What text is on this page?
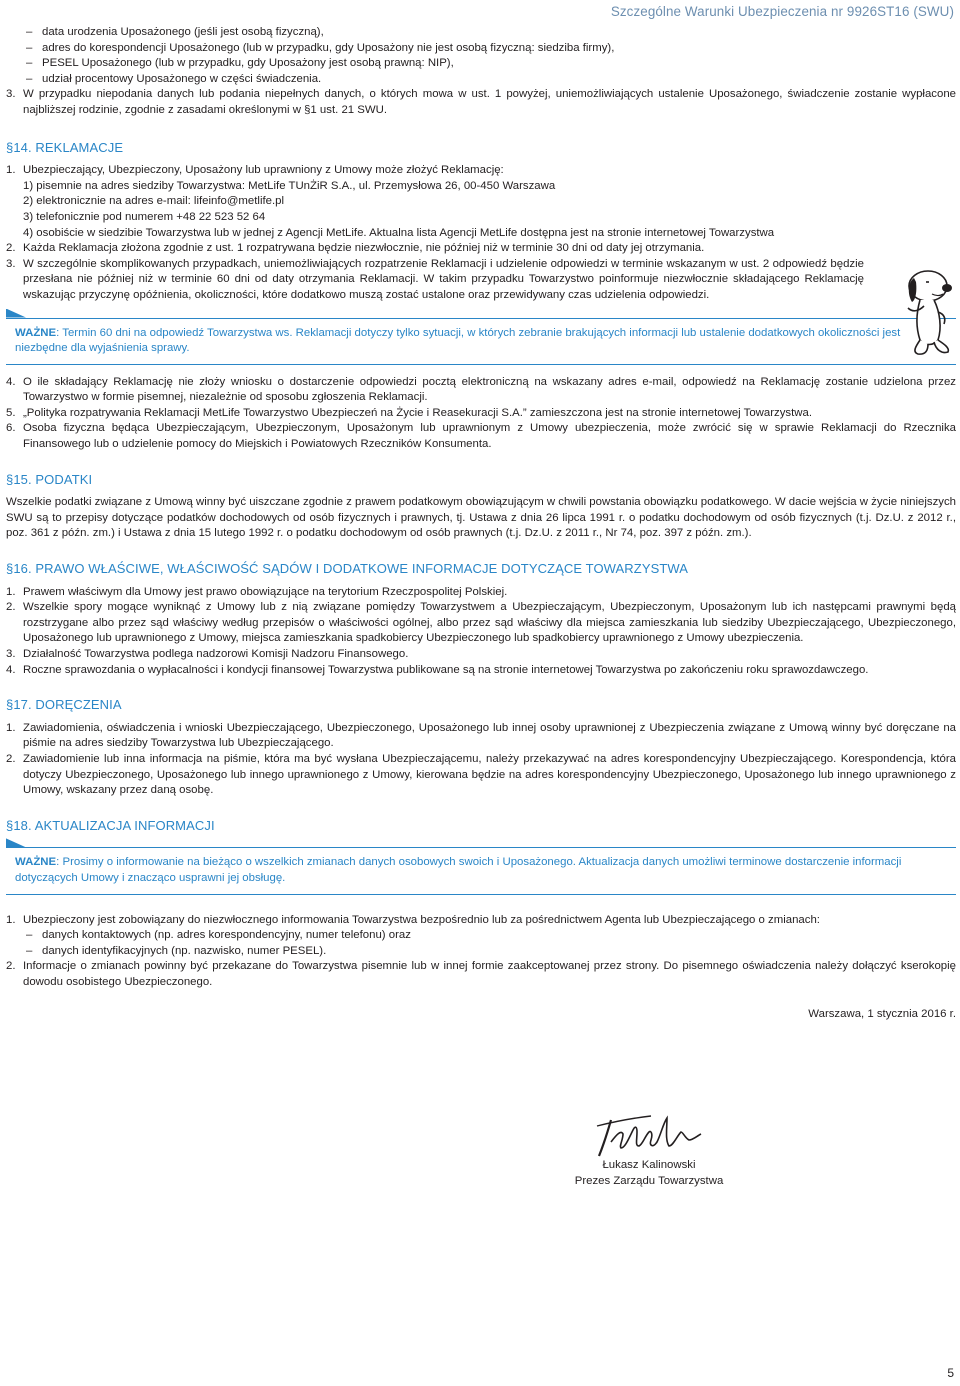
Szczególne Warunki Ubezpieczenia nr 9926ST16 (SWU)
– data urodzenia Uposażonego (jeśli jest osobą fizyczną),
– adres do korespondencji Uposażonego (lub w przypadku, gdy Uposażony nie jest osobą fizyczną: siedziba firmy),
– PESEL Uposażonego (lub w przypadku, gdy Uposażony jest osobą prawną: NIP),
– udział procentowy Uposażonego w części świadczenia.
3. W przypadku niepodania danych lub podania niepełnych danych, o których mowa w ust. 1 powyżej, uniemożliwiających ustalenie Uposażonego, świadczenie zostanie wypłacone najbliższej rodzinie, zgodnie z zasadami określonymi w §1 ust. 21 SWU.
§14. REKLAMACJE
1. Ubezpieczający, Ubezpieczony, Uposażony lub uprawniony z Umowy może złożyć Reklamację:
1) pisemnie na adres siedziby Towarzystwa: MetLife TUnŻiR S.A., ul. Przemysłowa 26, 00-450 Warszawa
2) elektronicznie na adres e-mail: lifeinfo@metlife.pl
3) telefonicznie pod numerem +48 22 523 52 64
4) osobiście w siedzibie Towarzystwa lub w jednej z Agencji MetLife. Aktualna lista Agencji MetLife dostępna jest na stronie internetowej Towarzystwa
2. Każda Reklamacja złożona zgodnie z ust. 1 rozpatrywana będzie niezwłocznie, nie później niż w terminie 30 dni od daty jej otrzymania.
3. W szczególnie skomplikowanych przypadkach, uniemożliwiających rozpatrzenie Reklamacji i udzielenie odpowiedzi w terminie wskazanym w ust. 2 odpowiedź będzie przesłana nie później niż w terminie 60 dni od daty otrzymania Reklamacji. W takim przypadku Towarzystwo poinformuje niezwłocznie składającego Reklamację wskazując przyczynę opóźnienia, okoliczności, które dodatkowo muszą zostać ustalone oraz przewidywany czas udzielenia odpowiedzi.
WAŻNE: Termin 60 dni na odpowiedź Towarzystwa ws. Reklamacji dotyczy tylko sytuacji, w których zebranie brakujących informacji lub ustalenie dodatkowych okoliczności jest niezbędne dla wyjaśnienia sprawy.
4. O ile składający Reklamację nie złoży wniosku o dostarczenie odpowiedzi pocztą elektroniczną na wskazany adres e-mail, odpowiedź na Reklamację zostanie udzielona przez Towarzystwo w formie pisemnej, niezależnie od sposobu zgłoszenia Reklamacji.
5. „Polityka rozpatrywania Reklamacji MetLife Towarzystwo Ubezpieczeń na Życie i Reasekuracji S.A.” zamieszczona jest na stronie internetowej Towarzystwa.
6. Osoba fizyczna będąca Ubezpieczającym, Ubezpieczonym, Uposażonym lub uprawnionym z Umowy ubezpieczenia, może zwrócić się w sprawie Reklamacji do Rzecznika Finansowego lub o udzielenie pomocy do Miejskich i Powiatowych Rzeczników Konsumenta.
§15. PODATKI
Wszelkie podatki związane z Umową winny być uiszczane zgodnie z prawem podatkowym obowiązującym w chwili powstania obowiązku podatkowego. W dacie wejścia w życie niniejszych SWU są to przepisy dotyczące podatków dochodowych od osób fizycznych i prawnych, tj. Ustawa z dnia 26 lipca 1991 r. o podatku dochodowym od osób fizycznych (t.j. Dz.U. z 2012 r., poz. 361 z późn. zm.) i Ustawa z dnia 15 lutego 1992 r. o podatku dochodowym od osób prawnych (t.j. Dz.U. z 2011 r., Nr 74, poz. 397 z późn. zm.).
§16. PRAWO WŁAŚCIWE, WŁAŚCIWOŚĆ SĄDÓW I DODATKOWE INFORMACJE DOTYCZĄCE TOWARZYSTWA
1. Prawem właściwym dla Umowy jest prawo obowiązujące na terytorium Rzeczpospolitej Polskiej.
2. Wszelkie spory mogące wyniknąć z Umowy lub z nią związane pomiędzy Towarzystwem a Ubezpieczającym, Ubezpieczonym, Uposażonym lub ich następcami prawnymi będą rozstrzygane albo przez sąd właściwy według przepisów o właściwości ogólnej, albo przez sąd właściwy dla miejsca zamieszkania lub siedziby Ubezpieczającego, Ubezpieczonego, Uposażonego lub uprawnionego z Umowy, miejsca zamieszkania spadkobiercy Ubezpieczonego lub spadkobiercy uprawnionego z Umowy ubezpieczenia.
3. Działalność Towarzystwa podlega nadzorowi Komisji Nadzoru Finansowego.
4. Roczne sprawozdania o wypłacalności i kondycji finansowej Towarzystwa publikowane są na stronie internetowej Towarzystwa po zakończeniu roku sprawozdawczego.
§17. DORĘCZENIA
1. Zawiadomienia, oświadczenia i wnioski Ubezpieczającego, Ubezpieczonego, Uposażonego lub innej osoby uprawnionej z Ubezpieczenia związane z Umową winny być doręczane na piśmie na adres siedziby Towarzystwa lub Ubezpieczającego.
2. Zawiadomienie lub inna informacja na piśmie, która ma być wysłana Ubezpieczającemu, należy przekazywać na adres korespondencyjny Ubezpieczającego. Korespondencja, która dotyczy Ubezpieczonego, Uposażonego lub innego uprawnionego z Umowy, kierowana będzie na adres korespondencyjny Ubezpieczonego, Uposażonego lub innego uprawnionego z Umowy, wskazany przez daną osobę.
§18. AKTUALIZACJA INFORMACJI
WAŻNE: Prosimy o informowanie na bieżąco o wszelkich zmianach danych osobowych swoich i Uposażonego. Aktualizacja danych umożliwi terminowe dostarczenie informacji dotyczących Umowy i znacząco usprawni jej obsługę.
1. Ubezpieczony jest zobowiązany do niezwłocznego informowania Towarzystwa bezpośrednio lub za pośrednictwem Agenta lub Ubezpieczającego o zmianach:
– danych kontaktowych (np. adres korespondencyjny, numer telefonu) oraz
– danych identyfikacyjnych (np. nazwisko, numer PESEL).
2. Informacje o zmianach powinny być przekazane do Towarzystwa pisemnie lub w innej formie zaakceptowanej przez strony. Do pisemnego oświadczenia należy dołączyć kserokopię dowodu osobistego Ubezpieczonego.
Warszawa, 1 stycznia 2016 r.
Łukasz Kalinowski
Prezes Zarządu Towarzystwa
5
